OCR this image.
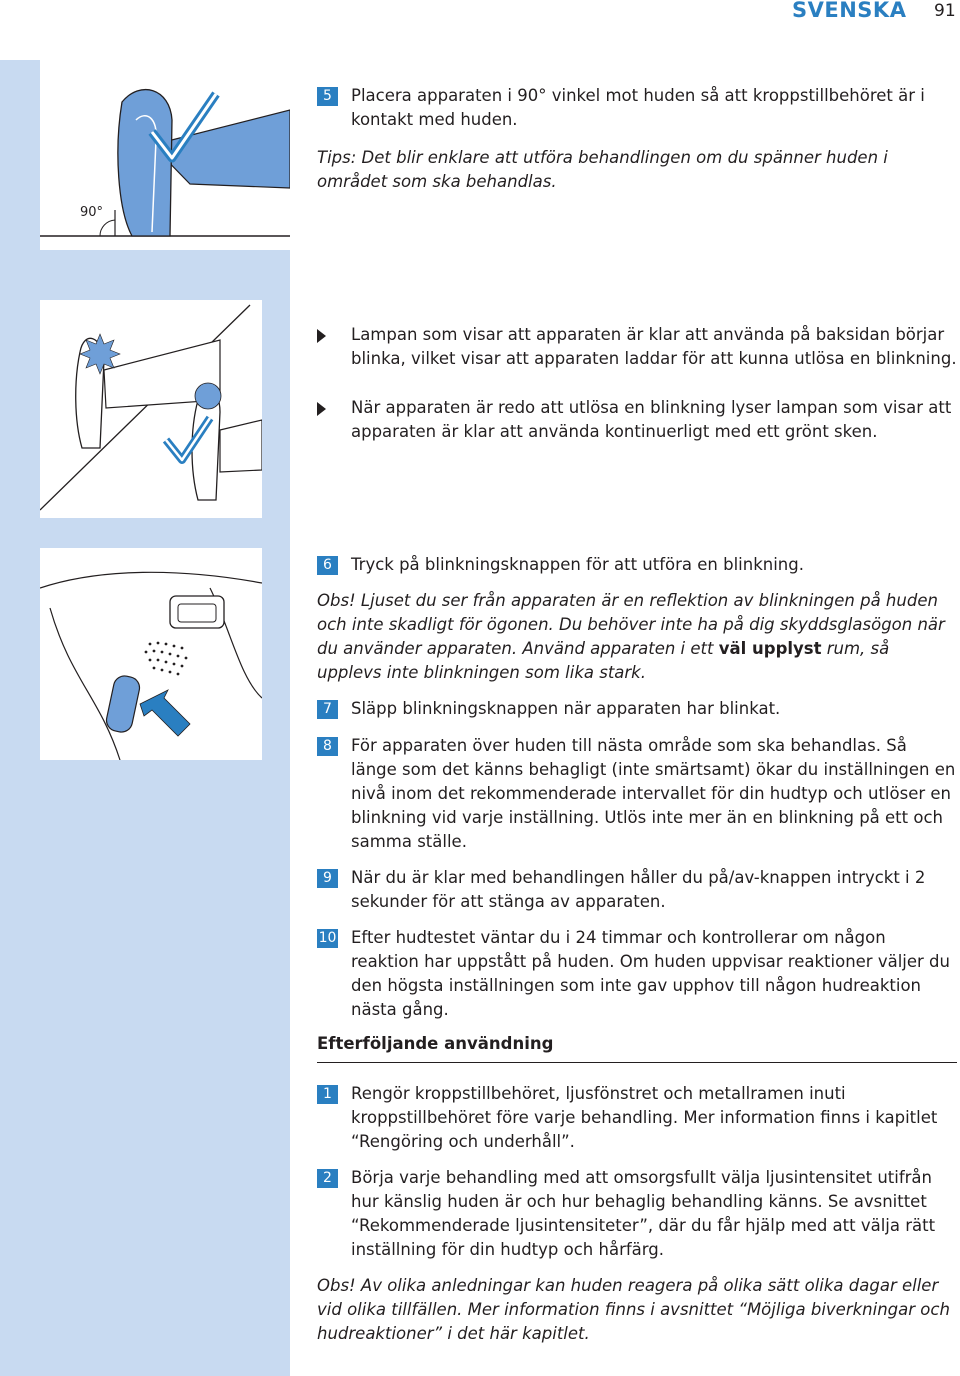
SVENSKA 91
90°
5	Placera apparaten i 90° vinkel mot huden så att kroppstillbehöret är i kontakt med huden.
Tips: Det blir enklare att utföra behandlingen om du spänner huden i området som ska behandlas.
Lampan som visar att apparaten är klar att använda på baksidan börjar blinka, vilket visar att apparaten laddar för att kunna utlösa en blinkning.
När apparaten är redo att utlösa en blinkning lyser lampan som visar att apparaten är klar att använda kontinuerligt med ett grönt sken.
6	Tryck på blinkningsknappen för att utföra en blinkning.
Obs! Ljuset du ser från apparaten är en reflektion av blinkningen på huden och inte skadligt för ögonen. Du behöver inte ha på dig skyddsglasögon när du använder apparaten. Använd apparaten i ett väl upplyst rum, så upplevs inte blinkningen som lika stark.
7	Släpp blinkningsknappen när apparaten har blinkat.
8	För apparaten över huden till nästa område som ska behandlas. Så länge som det känns behagligt (inte smärtsamt) ökar du inställningen en nivå inom det rekommenderade intervallet för din hudtyp och utlöser en blinkning vid varje inställning. Utlös inte mer än en blinkning på ett och samma ställe.
9	När du är klar med behandlingen håller du på/av-knappen intryckt i 2 sekunder för att stänga av apparaten.
10 Efter hudtestet väntar du i 24 timmar och kontrollerar om någon reaktion har uppstått på huden. Om huden uppvisar reaktioner väljer du den högsta inställningen som inte gav upphov till någon hudreaktion nästa gång.
Efterföljande användning
1	Rengör kroppstillbehöret, ljusfönstret och metallramen inuti kroppstillbehöret före varje behandling. Mer information finns i kapitlet “Rengöring och underhåll”.
2	Börja varje behandling med att omsorgsfullt välja ljusintensitet utifrån hur känslig huden är och hur behaglig behandling känns. Se avsnittet “Rekommenderade ljusintensiteter”, där du får hjälp med att välja rätt inställning för din hudtyp och hårfärg.
Obs! Av olika anledningar kan huden reagera på olika sätt olika dagar eller vid olika tillfällen. Mer information finns i avsnittet “Möjliga biverkningar och hudreaktioner” i det här kapitlet.
